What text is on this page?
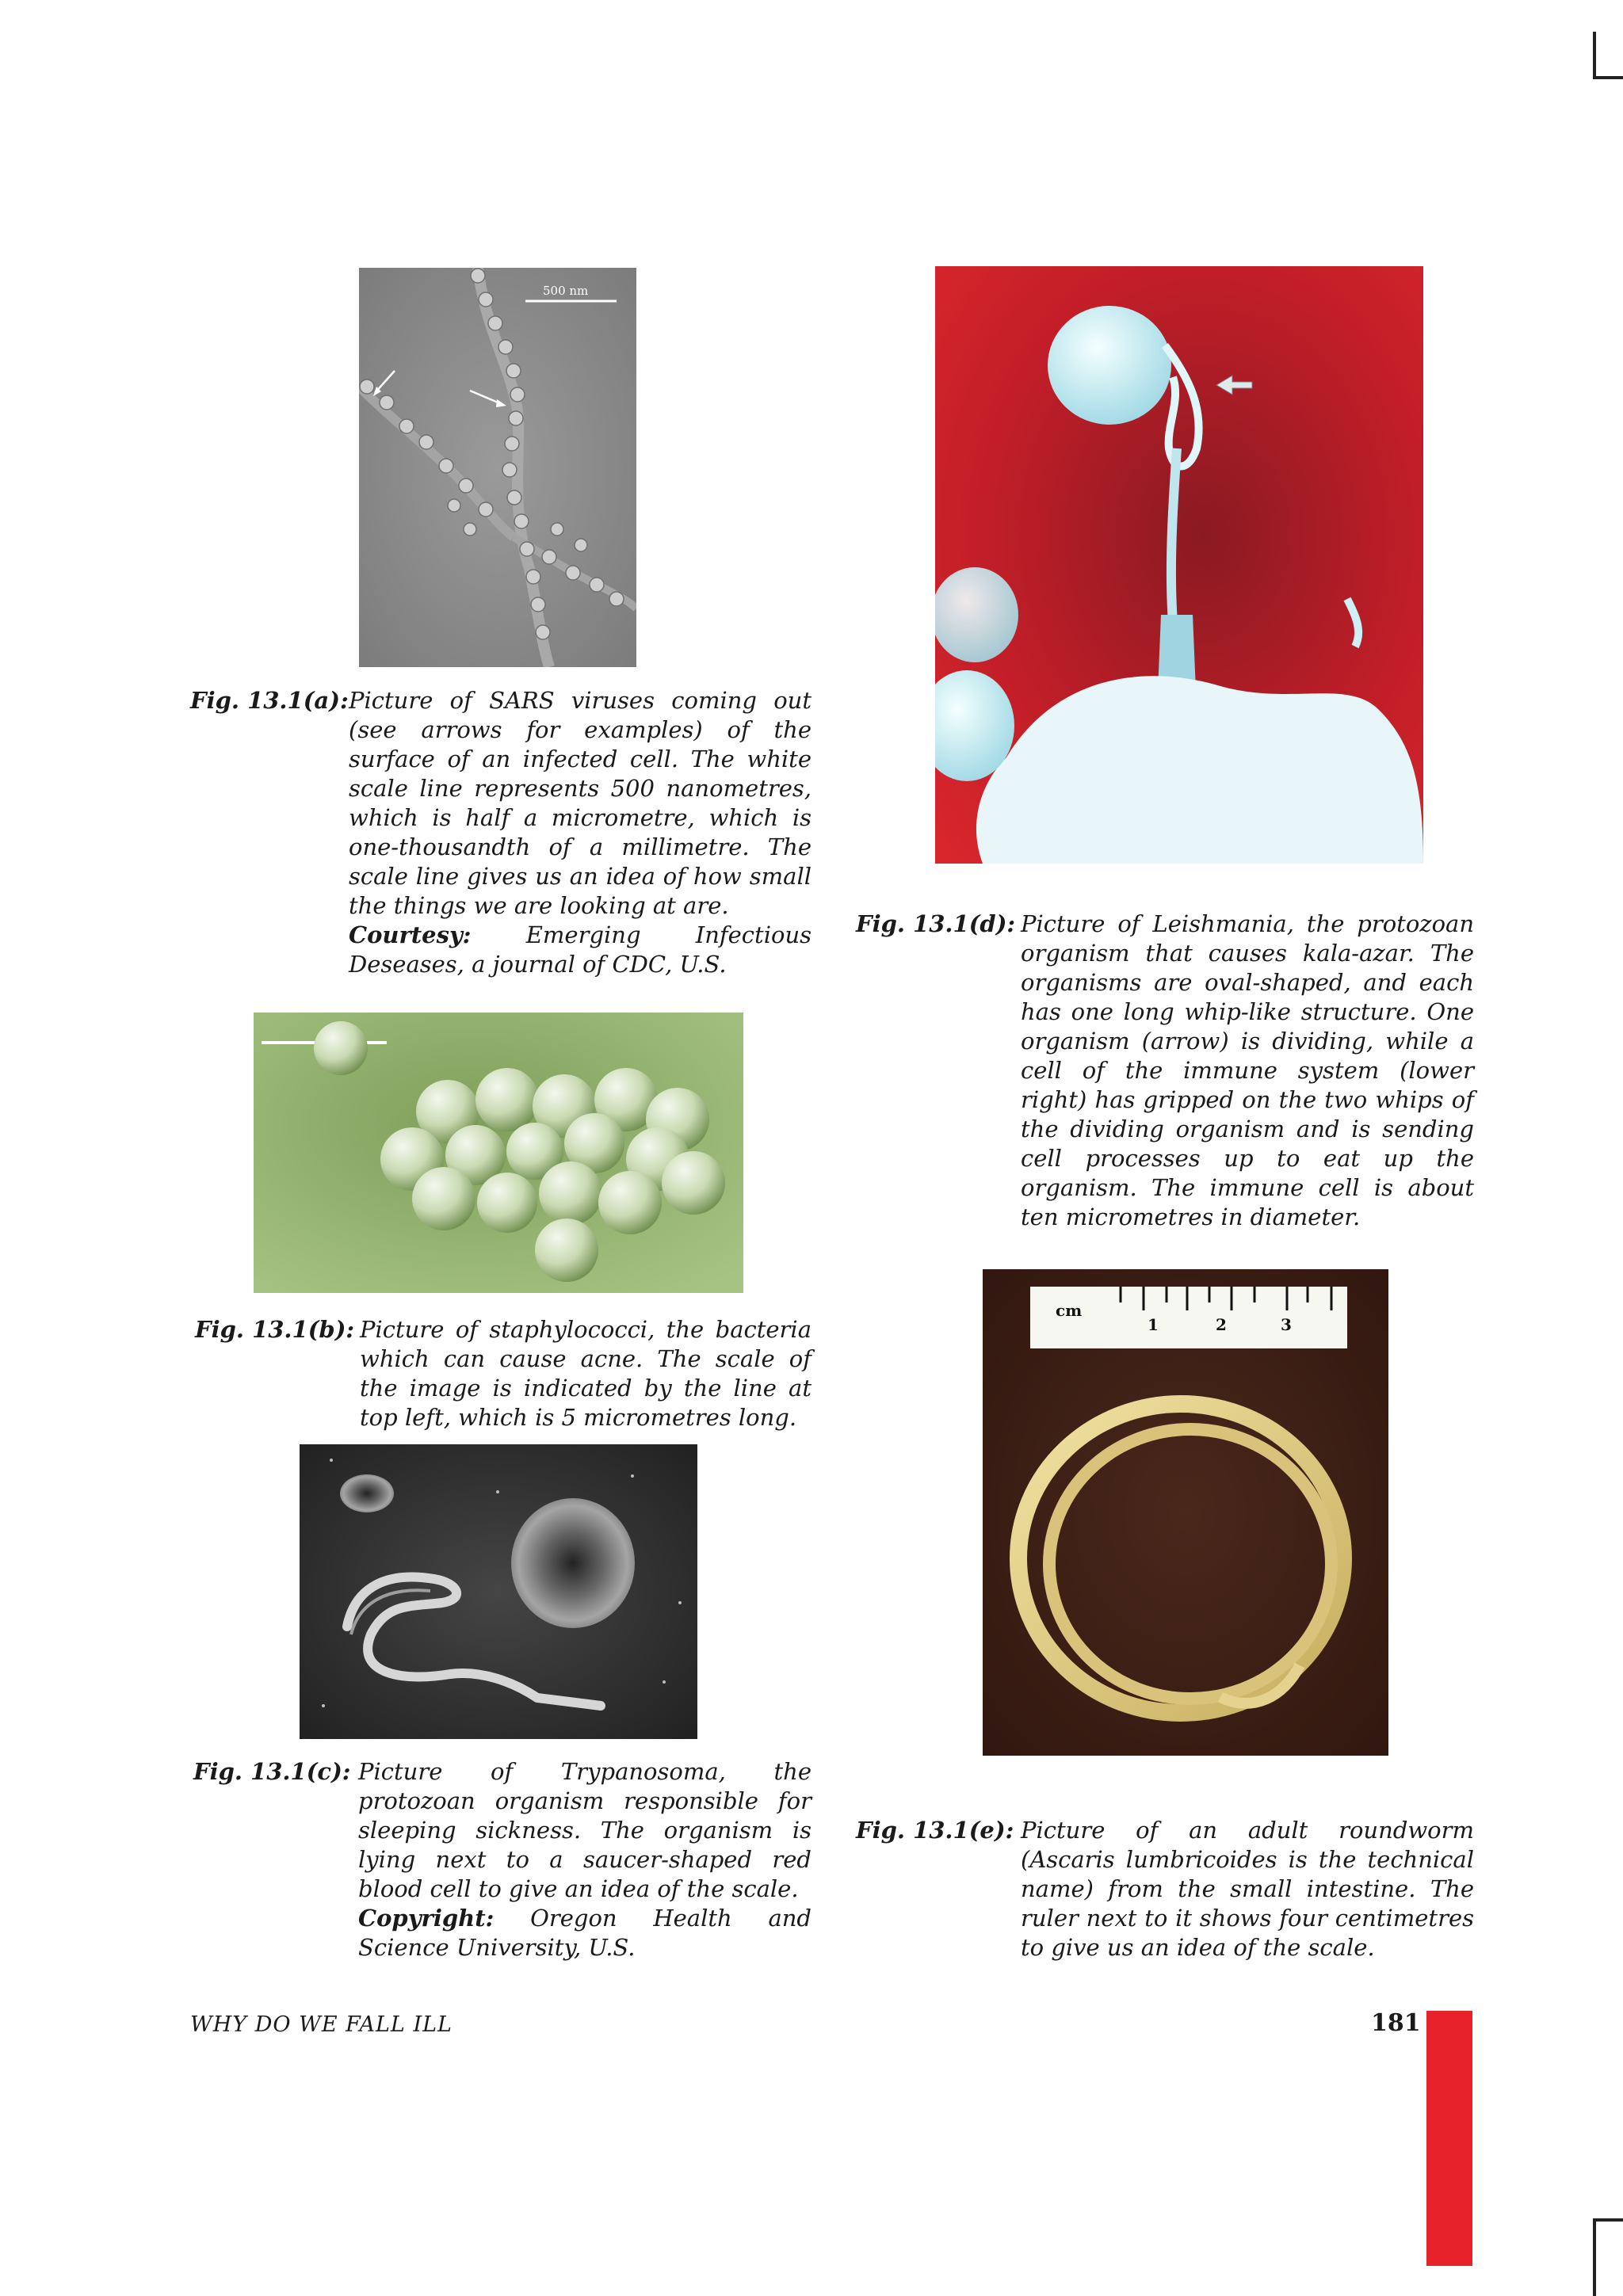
500 nm
Fig. 13.1(a): Picture of SARS viruses coming out (see arrows for examples) of the surface of an infected cell. The white scale line represents 500 nanometres, which is half a micrometre, which is one-thousandth of a millimetre. The scale line gives us an idea of how small the things we are looking at are.
Courtesy: Emerging Infectious Deseases, a journal of CDC, U.S.
Fig. 13.1(d): Picture of Leishmania, the protozoan organism that causes kala-azar. The organisms are oval-shaped, and each has one long whip-like structure. One organism (arrow) is dividing, while a cell of the immune system (lower right) has gripped on the two whips of the dividing organism and is sending cell processes up to eat up the organism. The immune cell is about ten micrometres in diameter.
Fig. 13.1(b): Picture of staphylococci, the bacteria which can cause acne. The scale of the image is indicated by the line at top left, which is 5 micrometres long.
cm
1	2	3
Fig. 13.1(c): Picture of Trypanosoma, the protozoan organism responsible for sleeping sickness. The organism is lying next to a saucer-shaped red blood cell to give an idea of the scale.
Copyright: Oregon Health and Science University, U.S.
Fig. 13.1(e): Picture of an adult roundworm (Ascaris lumbricoides is the technical name) from the small intestine. The ruler next to it shows four centimetres to give us an idea of the scale.
WHY DO WE FALL ILL	181
